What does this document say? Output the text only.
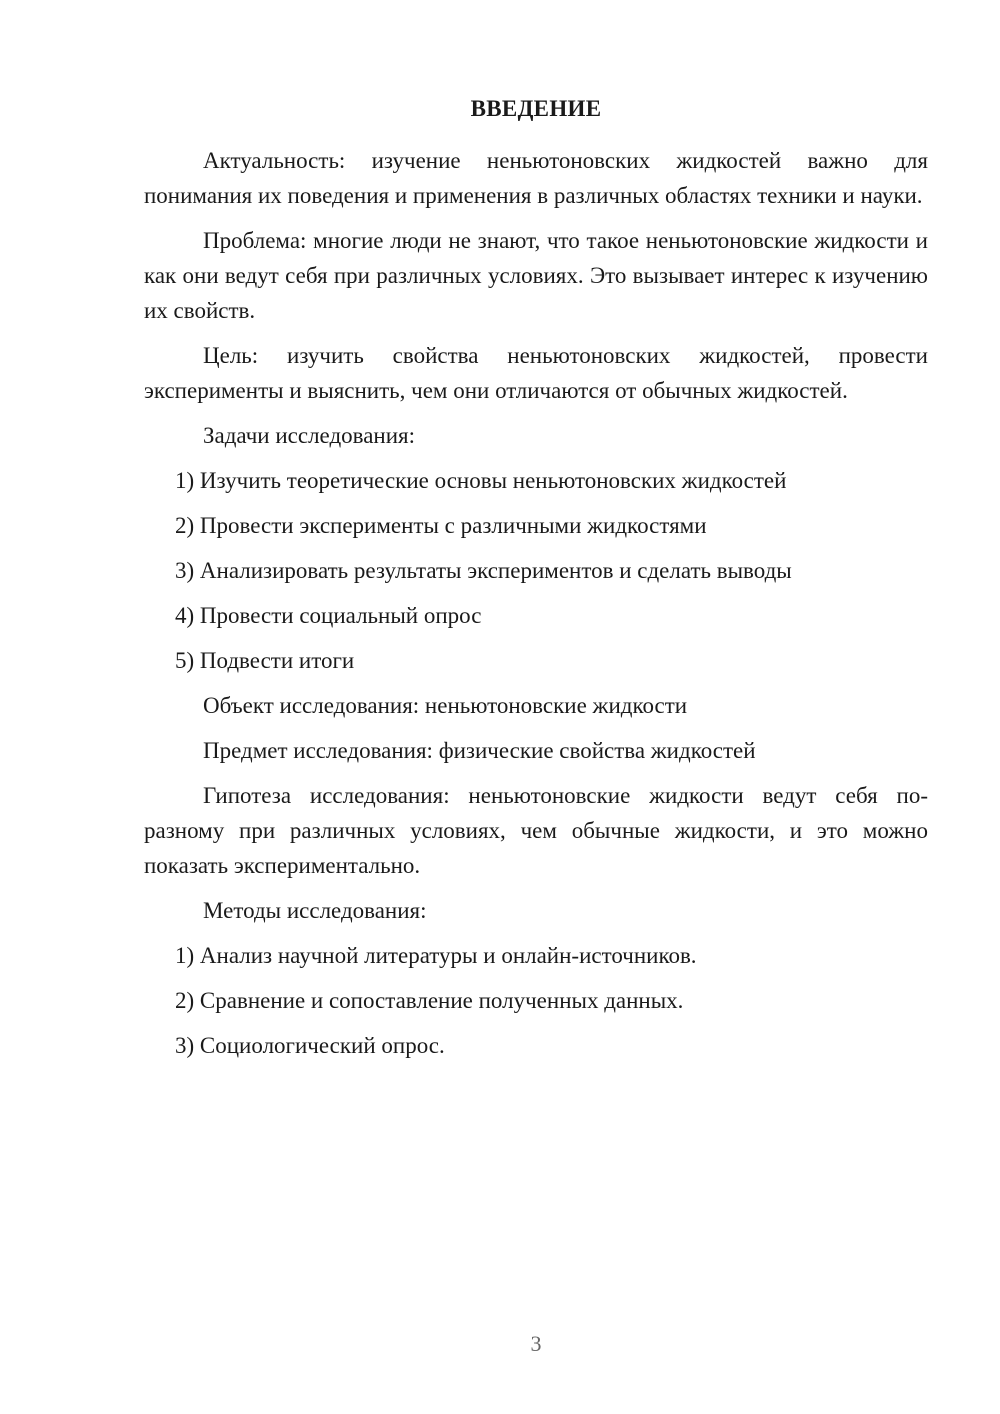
ВВЕДЕНИЕ

Актуальность: изучение неньютоновских жидкостей важно для понимания их поведения и применения в различных областях техники и науки.

Проблема: многие люди не знают, что такое неньютоновские жидкости и как они ведут себя при различных условиях. Это вызывает интерес к изучению их свойств.

Цель: изучить свойства неньютоновских жидкостей, провести эксперименты и выяснить, чем они отличаются от обычных жидкостей.

Задачи исследования:

1) Изучить теоретические основы неньютоновских жидкостей

2) Провести эксперименты с различными жидкостями

3) Анализировать результаты экспериментов и сделать выводы

4) Провести социальный опрос

5) Подвести итоги

Объект исследования: неньютоновские жидкости

Предмет исследования: физические свойства жидкостей

Гипотеза исследования: неньютоновские жидкости ведут себя по-разному при различных условиях, чем обычные жидкости, и это можно показать экспериментально.

Методы исследования:

1) Анализ научной литературы и онлайн-источников.

2) Сравнение и сопоставление полученных данных.

3) Социологический опрос.

3
